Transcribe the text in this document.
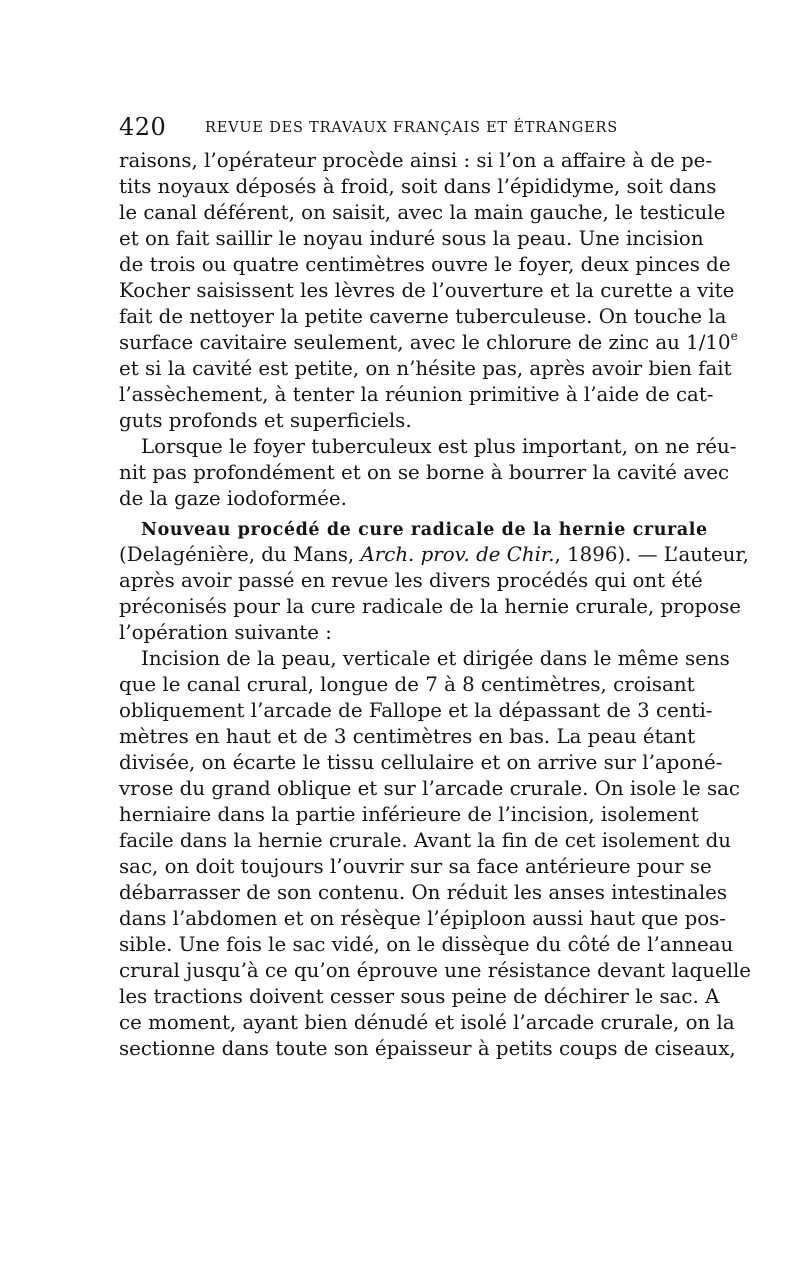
420	REVUE DES TRAVAUX FRANÇAIS ET ÉTRANGERS
raisons, l’opérateur procède ainsi : si l’on a affaire à de pe-
tits noyaux déposés à froid, soit dans l’épididyme, soit dans
le canal déférent, on saisit, avec la main gauche, le testicule
et on fait saillir le noyau induré sous la peau. Une incision
de trois ou quatre centimètres ouvre le foyer, deux pinces de
Kocher saisissent les lèvres de l’ouverture et la curette a vite
fait de nettoyer la petite caverne tuberculeuse. On touche la
surface cavitaire seulement, avec le chlorure de zinc au 1/10e
et si la cavité est petite, on n’hésite pas, après avoir bien fait
l’assèchement, à tenter la réunion primitive à l’aide de cat-
guts profonds et superficiels.
Lorsque le foyer tuberculeux est plus important, on ne réu-
nit pas profondément et on se borne à bourrer la cavité avec
de la gaze iodoformée.
Nouveau procédé de cure radicale de la hernie crurale
(Delagénière, du Mans, Arch. prov. de Chir., 1896). — L’auteur,
après avoir passé en revue les divers procédés qui ont été
préconisés pour la cure radicale de la hernie crurale, propose
l’opération suivante :
Incision de la peau, verticale et dirigée dans le même sens
que le canal crural, longue de 7 à 8 centimètres, croisant
obliquement l’arcade de Fallope et la dépassant de 3 centi-
mètres en haut et de 3 centimètres en bas. La peau étant
divisée, on écarte le tissu cellulaire et on arrive sur l’aponé-
vrose du grand oblique et sur l’arcade crurale. On isole le sac
herniaire dans la partie inférieure de l’incision, isolement
facile dans la hernie crurale. Avant la fin de cet isolement du
sac, on doit toujours l’ouvrir sur sa face antérieure pour se
débarrasser de son contenu. On réduit les anses intestinales
dans l’abdomen et on résèque l’épiploon aussi haut que pos-
sible. Une fois le sac vidé, on le dissèque du côté de l’anneau
crural jusqu’à ce qu’on éprouve une résistance devant laquelle
les tractions doivent cesser sous peine de déchirer le sac. A
ce moment, ayant bien dénudé et isolé l’arcade crurale, on la
sectionne dans toute son épaisseur à petits coups de ciseaux,
